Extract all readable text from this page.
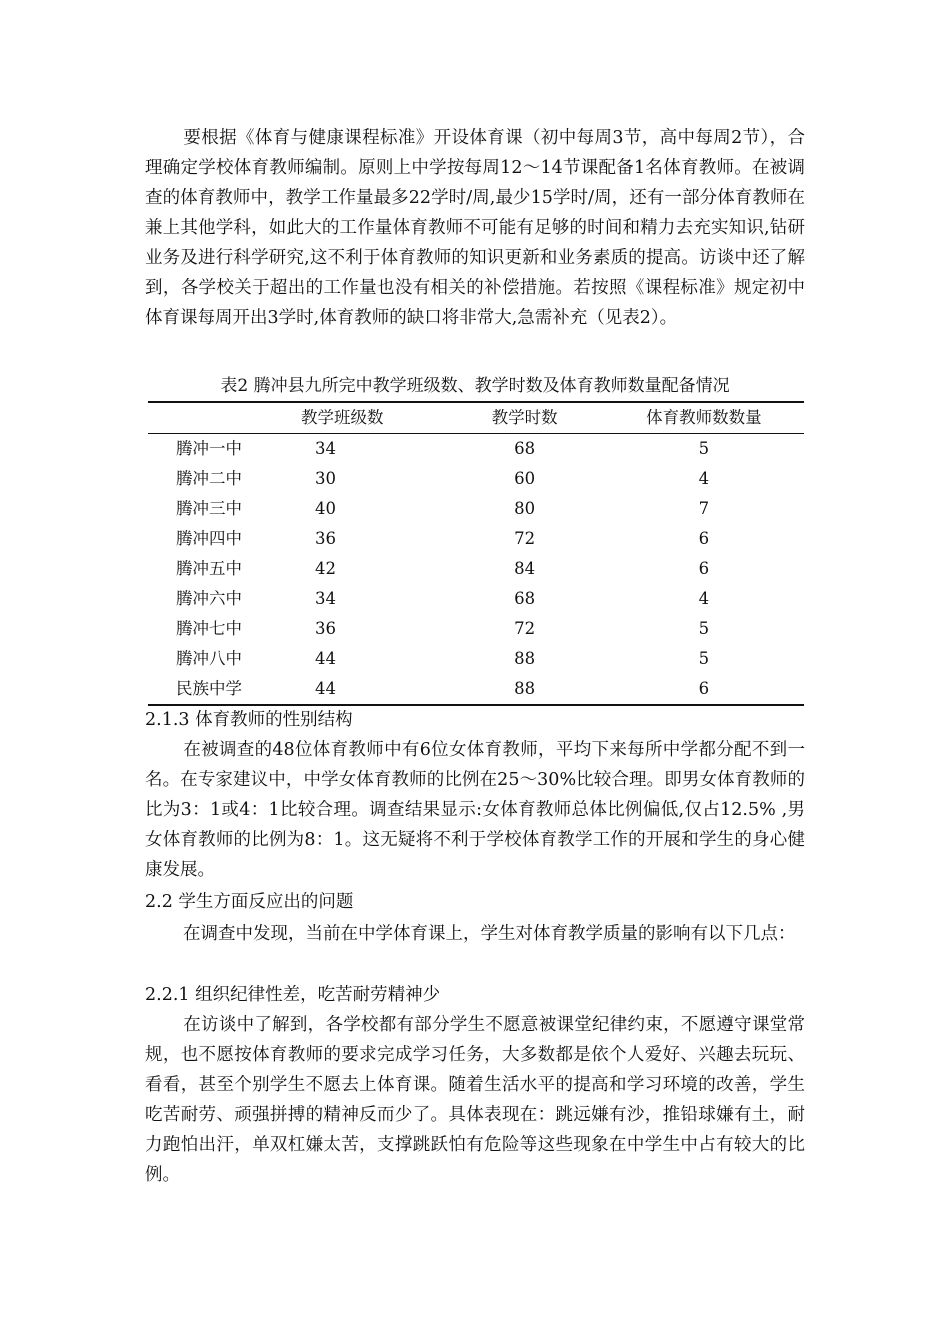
要根据《体育与健康课程标准》开设体育课（初中每周3节，高中每周2节），合理确定学校体育教师编制。原则上中学按每周12～14节课配备1名体育教师。在被调查的体育教师中，教学工作量最多22学时/周,最少15学时/周，还有一部分体育教师在兼上其他学科，如此大的工作量体育教师不可能有足够的时间和精力去充实知识,钻研业务及进行科学研究,这不利于体育教师的知识更新和业务素质的提高。访谈中还了解到，各学校关于超出的工作量也没有相关的补偿措施。若按照《课程标准》规定初中体育课每周开出3学时,体育教师的缺口将非常大,急需补充（见表2）。

表2 腾冲县九所完中教学班级数、教学时数及体育教师数量配备情况
	教学班级数	教学时数	体育教师数数量
腾冲一中	34	68	5
腾冲二中	30	60	4
腾冲三中	40	80	7
腾冲四中	36	72	6
腾冲五中	42	84	6
腾冲六中	34	68	4
腾冲七中	36	72	5
腾冲八中	44	88	5
民族中学	44	88	6
2.1.3 体育教师的性别结构

在被调查的48位体育教师中有6位女体育教师，平均下来每所中学都分配不到一名。在专家建议中，中学女体育教师的比例在25～30%比较合理。即男女体育教师的比为3：1或4：1比较合理。调查结果显示:女体育教师总体比例偏低,仅占12.5% ,男女体育教师的比例为8：1。这无疑将不利于学校体育教学工作的开展和学生的身心健康发展。

2.2 学生方面反应出的问题

在调查中发现，当前在中学体育课上，学生对体育教学质量的影响有以下几点：

2.2.1 组织纪律性差，吃苦耐劳精神少

在访谈中了解到，各学校都有部分学生不愿意被课堂纪律约束，不愿遵守课堂常规，也不愿按体育教师的要求完成学习任务，大多数都是依个人爱好、兴趣去玩玩、看看，甚至个别学生不愿去上体育课。随着生活水平的提高和学习环境的改善，学生吃苦耐劳、顽强拼搏的精神反而少了。具体表现在：跳远嫌有沙，推铅球嫌有土，耐力跑怕出汗，单双杠嫌太苦，支撑跳跃怕有危险等这些现象在中学生中占有较大的比例。
